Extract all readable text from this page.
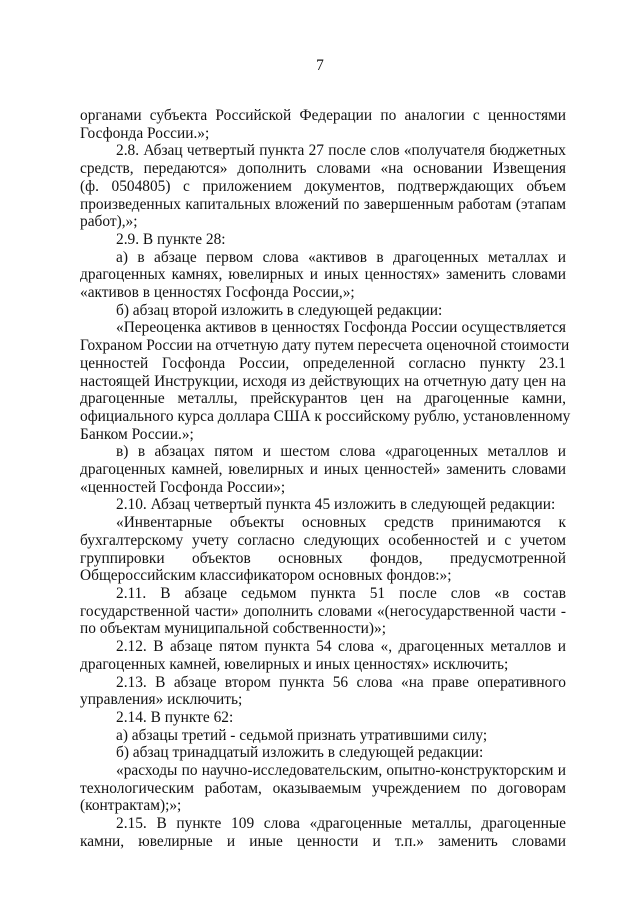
7
органами субъекта Российской Федерации по аналогии с ценностями
Госфонда России.»;
2.8. Абзац четвертый пункта 27 после слов «получателя бюджетных
средств, передаются» дополнить словами «на основании Извещения
(ф. 0504805) с приложением документов, подтверждающих объем
произведенных капитальных вложений по завершенным работам (этапам
работ),»;
2.9. В пункте 28:
а) в абзаце первом слова «активов в драгоценных металлах и
драгоценных камнях, ювелирных и иных ценностях» заменить словами
«активов в ценностях Госфонда России,»;
б) абзац второй изложить в следующей редакции:
«Переоценка активов в ценностях Госфонда России осуществляется
Гохраном России на отчетную дату путем пересчета оценочной стоимости
ценностей Госфонда России, определенной согласно пункту 23.1
настоящей Инструкции, исходя из действующих на отчетную дату цен на
драгоценные металлы, прейскурантов цен на драгоценные камни,
официального курса доллара США к российскому рублю, установленному
Банком России.»;
в) в абзацах пятом и шестом слова «драгоценных металлов и
драгоценных камней, ювелирных и иных ценностей» заменить словами
«ценностей Госфонда России»;
2.10. Абзац четвертый пункта 45 изложить в следующей редакции:
«Инвентарные объекты основных средств принимаются к
бухгалтерскому учету согласно следующих особенностей и с учетом
группировки объектов основных фондов, предусмотренной
Общероссийским классификатором основных фондов:»;
2.11. В абзаце седьмом пункта 51 после слов «в состав
государственной части» дополнить словами «(негосударственной части -
по объектам муниципальной собственности)»;
2.12. В абзаце пятом пункта 54 слова «, драгоценных металлов и
драгоценных камней, ювелирных и иных ценностях» исключить;
2.13. В абзаце втором пункта 56 слова «на праве оперативного
управления» исключить;
2.14. В пункте 62:
а) абзацы третий - седьмой признать утратившими силу;
б) абзац тринадцатый изложить в следующей редакции:
«расходы по научно-исследовательским, опытно-конструкторским и
технологическим работам, оказываемым учреждением по договорам
(контрактам);»;
2.15. В пункте 109 слова «драгоценные металлы, драгоценные
камни, ювелирные и иные ценности и т.п.» заменить словами
